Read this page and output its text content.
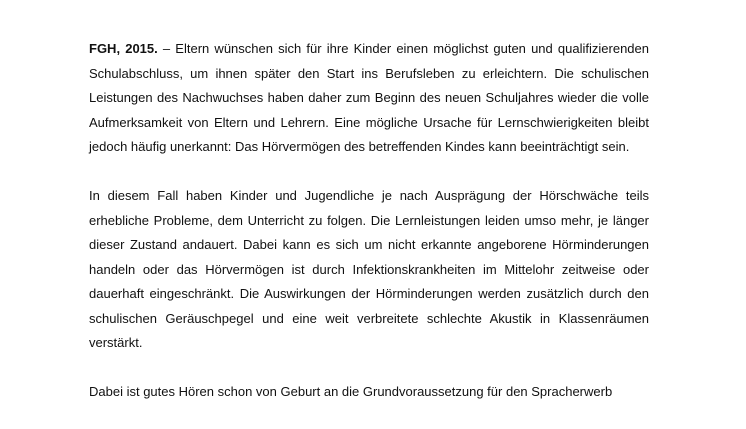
FGH, 2015. – Eltern wünschen sich für ihre Kinder einen möglichst guten und qualifizierenden Schulabschluss, um ihnen später den Start ins Berufsleben zu erleichtern. Die schulischen Leistungen des Nachwuchses haben daher zum Beginn des neuen Schuljahres wieder die volle Aufmerksamkeit von Eltern und Lehrern. Eine mögliche Ursache für Lernschwierigkeiten bleibt jedoch häufig unerkannt: Das Hörvermögen des betreffenden Kindes kann beeinträchtigt sein.

In diesem Fall haben Kinder und Jugendliche je nach Ausprägung der Hörschwäche teils erhebliche Probleme, dem Unterricht zu folgen. Die Lernleistungen leiden umso mehr, je länger dieser Zustand andauert. Dabei kann es sich um nicht erkannte angeborene Hörminderungen handeln oder das Hörvermögen ist durch Infektionskrankheiten im Mittelohr zeitweise oder dauerhaft eingeschränkt. Die Auswirkungen der Hörminderungen werden zusätzlich durch den schulischen Geräuschpegel und eine weit verbreitete schlechte Akustik in Klassenräumen verstärkt.

Dabei ist gutes Hören schon von Geburt an die Grundvoraussetzung für den Spracherwerb
